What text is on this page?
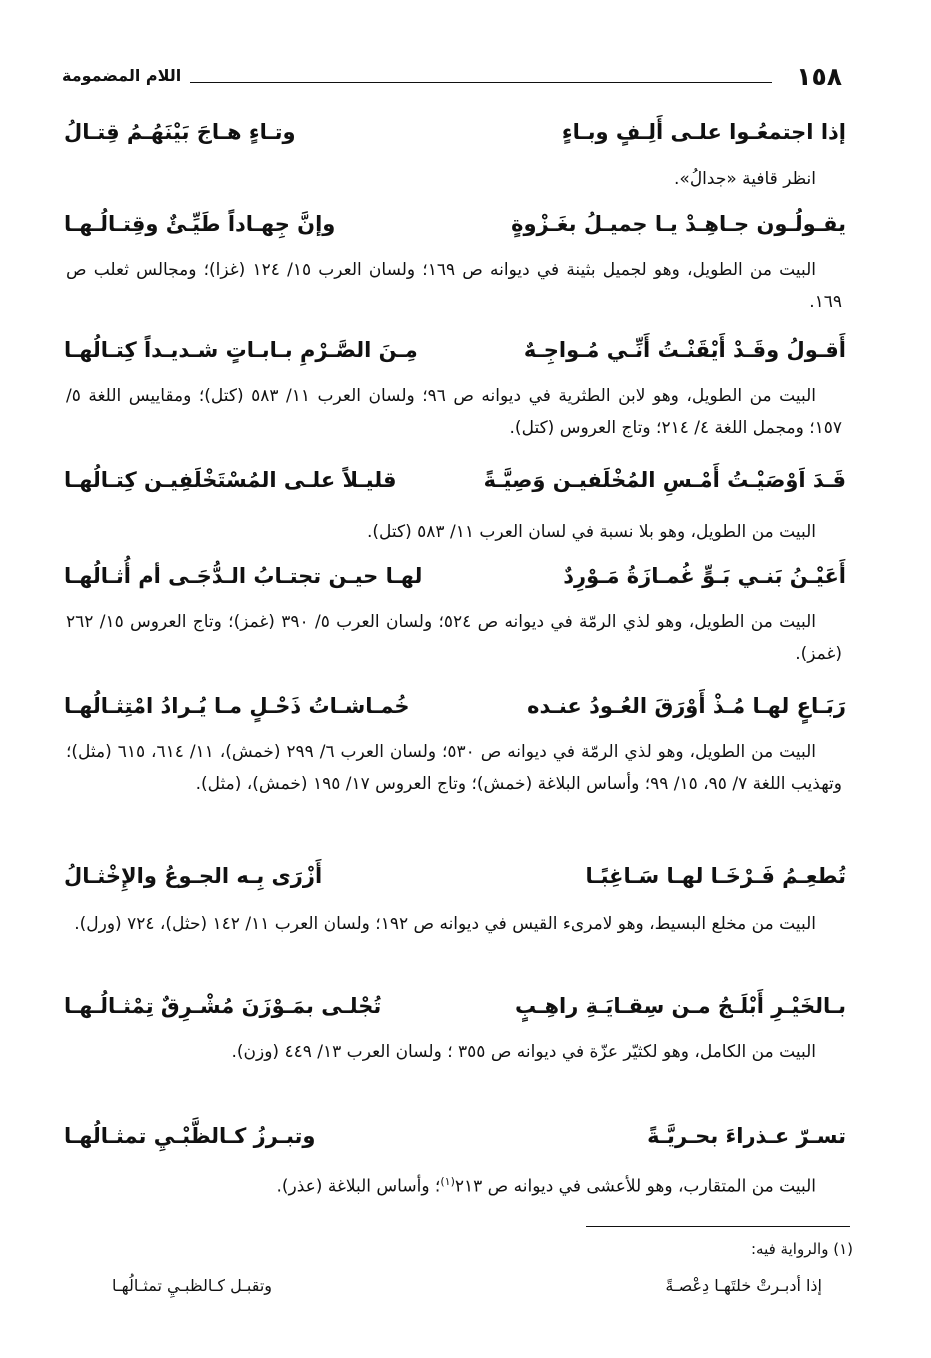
١٥٨
اللام المضمومة
إذا اجتمعُـوا علـى أَلِـفٍ وبـاءٍ
وتـاءٍ هـاجَ بَيْنَهُـمُ قِتـالُ
انظر قافية «جدالُ».
يقـولُـون جـاهِـدْ يـا جميـلُ بغَـزْوةٍ
وإنَّ جِهـاداً طَيِّـئٌ وقِتـالُـهـا
البيت من الطويل، وهو لجميل بثينة في ديوانه ص ١٦٩؛ ولسان العرب ١٥/ ١٢٤ (غزا)؛ ومجالس ثعلب ص ١٦٩.
أَقـولُ وقَـدْ أَيْقَنْـتُ أَنِّـي مُـواجِـهٌ
مِـنَ الصَّـرْمِ بـابـاتٍ شـديـداً كِتـالُهـا
البيت من الطويل، وهو لابن الطثرية في ديوانه ص ٩٦؛ ولسان العرب ١١/ ٥٨٣ (كتل)؛ ومقاييس اللغة ٥/ ١٥٧؛ ومجمل اللغة ٤/ ٢١٤؛ وتاج العروس (كتل).
قَـدَ اَوْصَيْـتُ أَمْـسِ المُخْلَفيـن وَصِيَّـةً
قليـلاً علـى المُسْتَخْلَفِيـن كِتـالُهـا
البيت من الطويل، وهو بلا نسبة في لسان العرب ١١/ ٥٨٣ (كتل).
أَعَيْـنُ بَنـي بَـوٍّ غُمـازَةُ مَـوْرِدٌ
لهـا حيـن تجتـابُ الـدُّجَـى أم أُثـالُهـا
البيت من الطويل، وهو لذي الرمّة في ديوانه ص ٥٢٤؛ ولسان العرب ٥/ ٣٩٠ (غمز)؛ وتاج العروس ١٥/ ٢٦٢ (غمز).
رَبَـاعٍ لهـا مُـذْ أَوْرَقَ العُـودُ عنـده
خُمـاشـاتُ ذَحْـلٍ مـا يُـرادُ امْتِثـالُهـا
البيت من الطويل، وهو لذي الرمّة في ديوانه ص ٥٣٠؛ ولسان العرب ٦/ ٢٩٩ (خمش)، ١١/ ٦١٤، ٦١٥ (مثل)؛ وتهذيب اللغة ٧/ ٩٥، ١٥/ ٩٩؛ وأساس البلاغة (خمش)؛ وتاج العروس ١٧/ ١٩٥ (خمش)، (مثل).
تُطعِـمُ فَـرْخَـا لهـا سَـاغِبًـا
أَزْرَى بِـه الجـوعُ والإِخْثـالُ
البيت من مخلع البسيط، وهو لامرىء القيس في ديوانه ص ١٩٢؛ ولسان العرب ١١/ ١٤٢ (حثل)، ٧٢٤ (ورل).
بـالخَيْـرِ أَبْلَـجُ مـن سِقـايَـةِ راهِـبٍ
تُجْلـى بمَـوْزَنَ مُشْـرِقٌ تِمْثـالُـهـا
البيت من الكامل، وهو لكثيّر عزّة في ديوانه ص ٣٥٥ ؛ ولسان العرب ١٣/ ٤٤٩ (وزن).
تسـرّ عـذراءَ بحـريَّـةً
وتبـرزُ كـالظَّبْـيِ تمثـالُهـا
البيت من المتقارب، وهو للأعشى في ديوانه ص ٢١٣$^{(١)}$؛ وأساس البلاغة (عذر).
(١) والرواية فيه:
إذا أدبـرتْ خلتَهـا دِعْصـةً
وتقبـل كـالظبـيِ تمثـالُهـا
